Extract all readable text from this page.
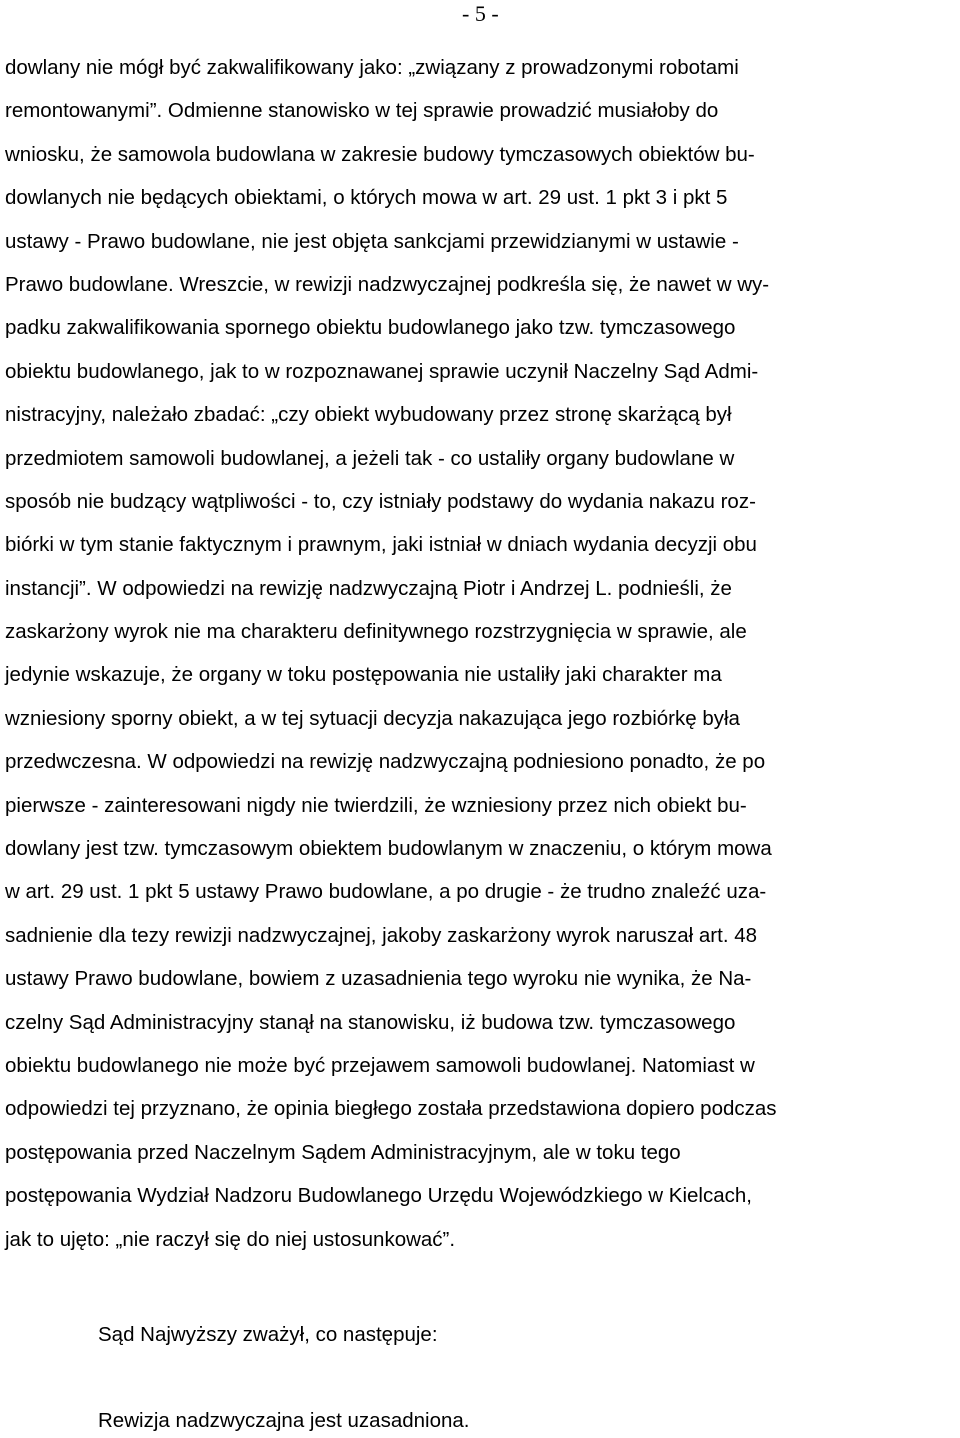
- 5 -
dowlany nie mógł być zakwalifikowany jako: „związany z prowadzonymi robotami
remontowanymi”. Odmienne stanowisko w tej sprawie prowadzić musiałoby do
wniosku, że samowola budowlana w zakresie budowy tymczasowych obiektów bu-
dowlanych nie będących obiektami, o których mowa w art. 29 ust. 1 pkt 3 i pkt 5
ustawy - Prawo budowlane, nie jest objęta sankcjami przewidzianymi w ustawie -
Prawo budowlane. Wreszcie, w rewizji nadzwyczajnej podkreśla się, że nawet w wy-
padku zakwalifikowania spornego obiektu budowlanego jako tzw. tymczasowego
obiektu budowlanego, jak to w rozpoznawanej sprawie uczynił Naczelny Sąd Admi-
nistracyjny, należało zbadać: „czy obiekt wybudowany przez stronę skarżącą był
przedmiotem samowoli budowlanej, a jeżeli tak - co ustaliły organy budowlane w
sposób nie budzący wątpliwości - to, czy istniały podstawy do wydania nakazu roz-
biórki w tym stanie faktycznym i prawnym, jaki istniał w dniach wydania decyzji obu
instancji”. W odpowiedzi na rewizję nadzwyczajną Piotr i Andrzej L. podnieśli, że
zaskarżony wyrok nie ma charakteru definitywnego rozstrzygnięcia w sprawie, ale
jedynie wskazuje, że organy w toku postępowania nie ustaliły jaki charakter ma
wzniesiony sporny obiekt, a w tej sytuacji decyzja nakazująca jego rozbiórkę była
przedwczesna. W odpowiedzi na rewizję nadzwyczajną podniesiono ponadto, że po
pierwsze - zainteresowani nigdy nie twierdzili, że wzniesiony przez nich obiekt bu-
dowlany jest tzw. tymczasowym obiektem budowlanym w znaczeniu, o którym mowa
w art. 29 ust. 1 pkt 5 ustawy Prawo budowlane, a po drugie - że trudno znaleźć uza-
sadnienie dla tezy rewizji nadzwyczajnej, jakoby zaskarżony wyrok naruszał art. 48
ustawy Prawo budowlane, bowiem z uzasadnienia tego wyroku nie wynika, że Na-
czelny Sąd Administracyjny stanął na stanowisku, iż budowa tzw. tymczasowego
obiektu budowlanego nie może być przejawem samowoli budowlanej. Natomiast w
odpowiedzi tej przyznano, że opinia biegłego została przedstawiona dopiero podczas
postępowania przed Naczelnym Sądem Administracyjnym, ale w toku tego
postępowania Wydział Nadzoru Budowlanego Urzędu Wojewódzkiego w Kielcach,
jak to ujęto: „nie raczył się do niej ustosunkować”.
Sąd Najwyższy zważył, co następuje:
Rewizja nadzwyczajna jest uzasadniona.
